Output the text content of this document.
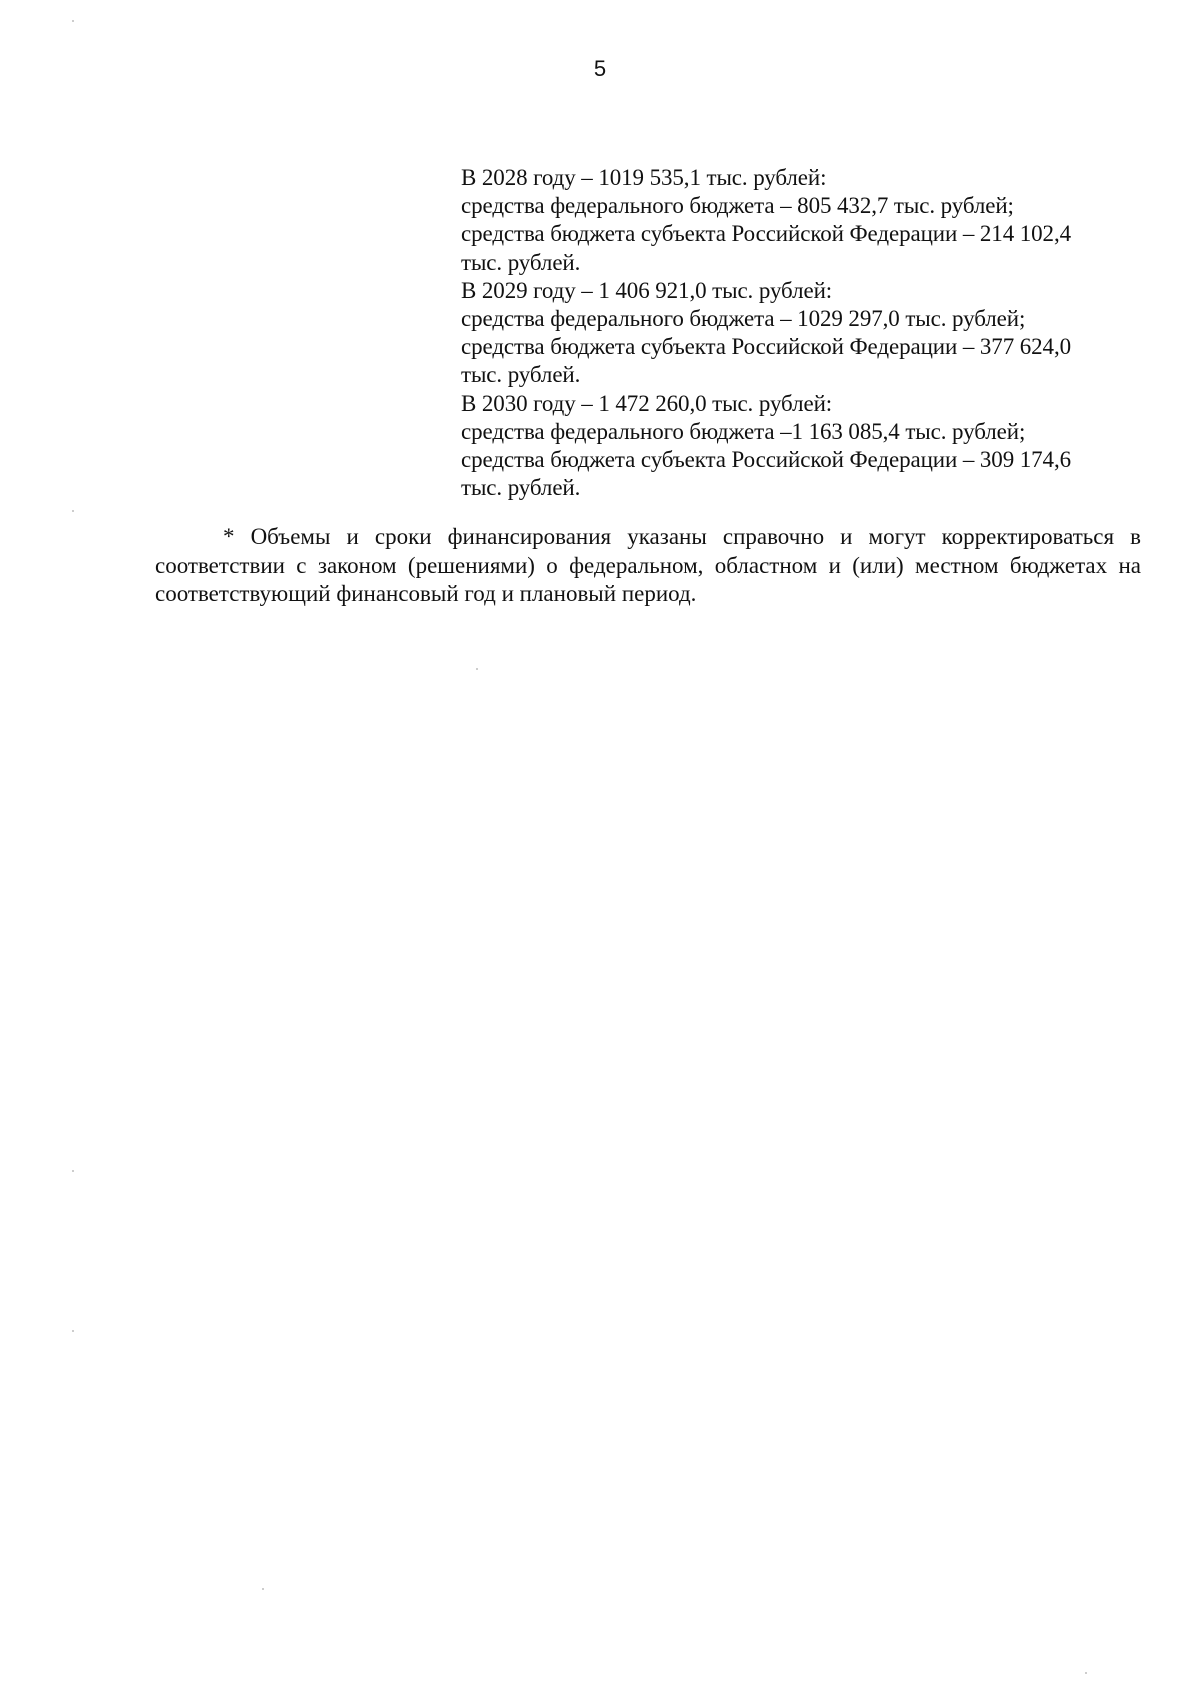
5
В 2028 году – 1019 535,1 тыс. рублей:
средства федерального бюджета – 805 432,7 тыс. рублей;
средства бюджета субъекта Российской Федерации – 214 102,4
тыс. рублей.
В 2029 году – 1 406 921,0 тыс. рублей:
средства федерального бюджета – 1029 297,0 тыс. рублей;
средства бюджета субъекта Российской Федерации – 377 624,0
тыс. рублей.
В 2030 году – 1 472 260,0 тыс. рублей:
средства федерального бюджета –1 163 085,4 тыс. рублей;
средства бюджета субъекта Российской Федерации – 309 174,6
тыс. рублей.
* Объемы и сроки финансирования указаны справочно и могут корректироваться в соответствии с законом (решениями) о федеральном, областном и (или) местном бюджетах на соответствующий финансовый год и плановый период.
